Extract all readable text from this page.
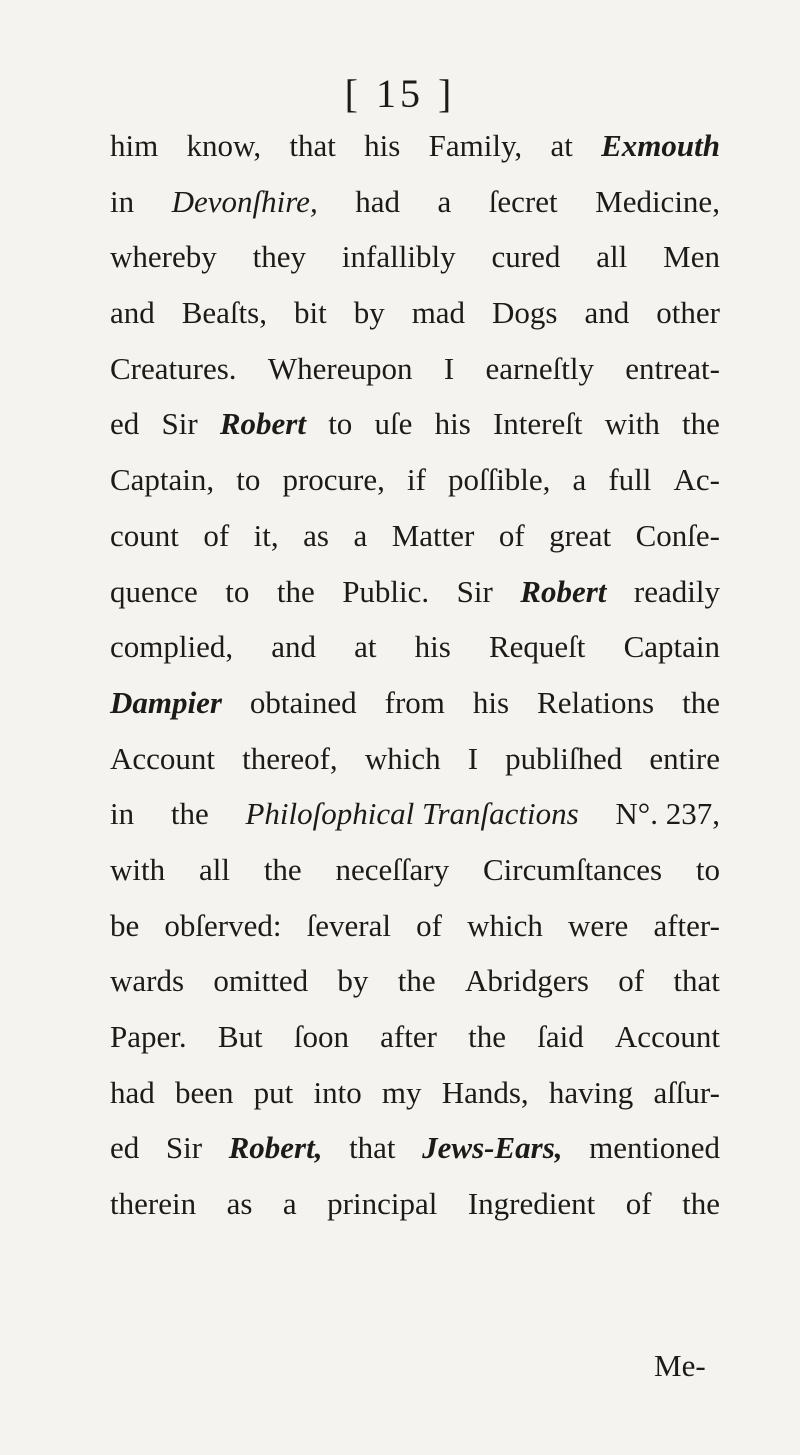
[ 15 ]
him know, that his Family, at Exmouth
in Devonſhire, had a ſecret Medicine,
whereby they infallibly cured all Men
and Beaſts, bit by mad Dogs and other
Creatures. Whereupon I earneſtly entreat-
ed Sir Robert to uſe his Intereſt with the
Captain, to procure, if poſſible, a full Ac-
count of it, as a Matter of great Conſe-
quence to the Public. Sir Robert readily
complied, and at his Requeſt Captain
Dampier obtained from his Relations the
Account thereof, which I publiſhed entire
in the Philoſophical Tranſactions N°. 237,
with all the neceſſary Circumſtances to
be obſerved: ſeveral of which were after-
wards omitted by the Abridgers of that
Paper. But ſoon after the ſaid Account
had been put into my Hands, having aſſur-
ed Sir Robert, that Jews-Ears, mentioned
therein as a principal Ingredient of the
Me-
